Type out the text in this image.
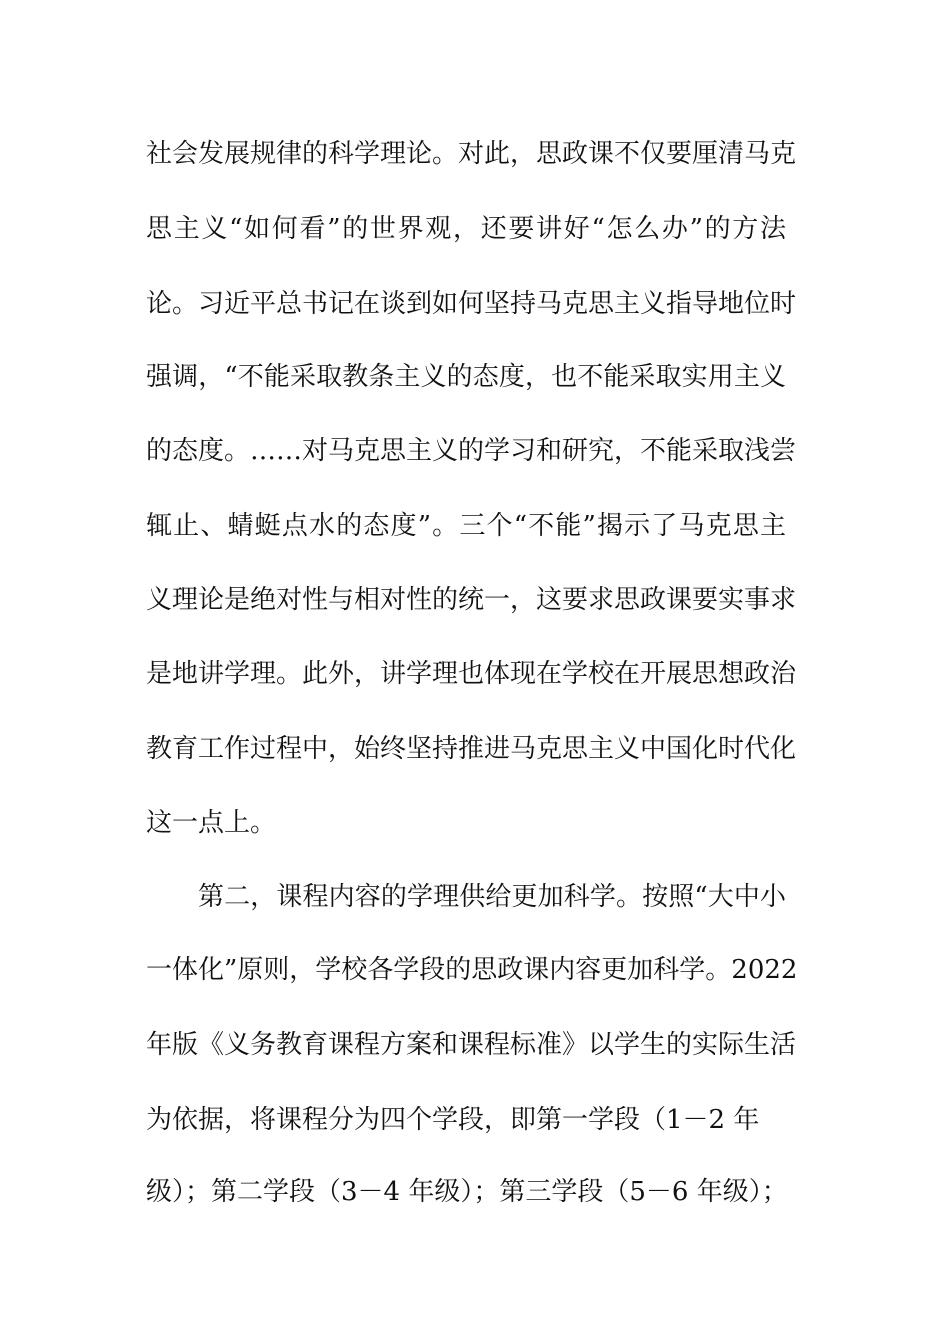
社会发展规律的科学理论。对此，思政课不仅要厘清马克
思主义“如何看”的世界观，还要讲好“怎么办”的方法
论。习近平总书记在谈到如何坚持马克思主义指导地位时
强调，“不能采取教条主义的态度，也不能采取实用主义
的态度。……对马克思主义的学习和研究，不能采取浅尝
辄止、蜻蜓点水的态度”。三个“不能”揭示了马克思主
义理论是绝对性与相对性的统一，这要求思政课要实事求
是地讲学理。此外，讲学理也体现在学校在开展思想政治
教育工作过程中，始终坚持推进马克思主义中国化时代化
这一点上。
第二，课程内容的学理供给更加科学。按照“大中小
一体化”原则，学校各学段的思政课内容更加科学。2022
年版《义务教育课程方案和课程标准》以学生的实际生活
为依据，将课程分为四个学段，即第一学段（1－2 年
级）；第二学段（3－4 年级）；第三学段（5－6 年级）；
